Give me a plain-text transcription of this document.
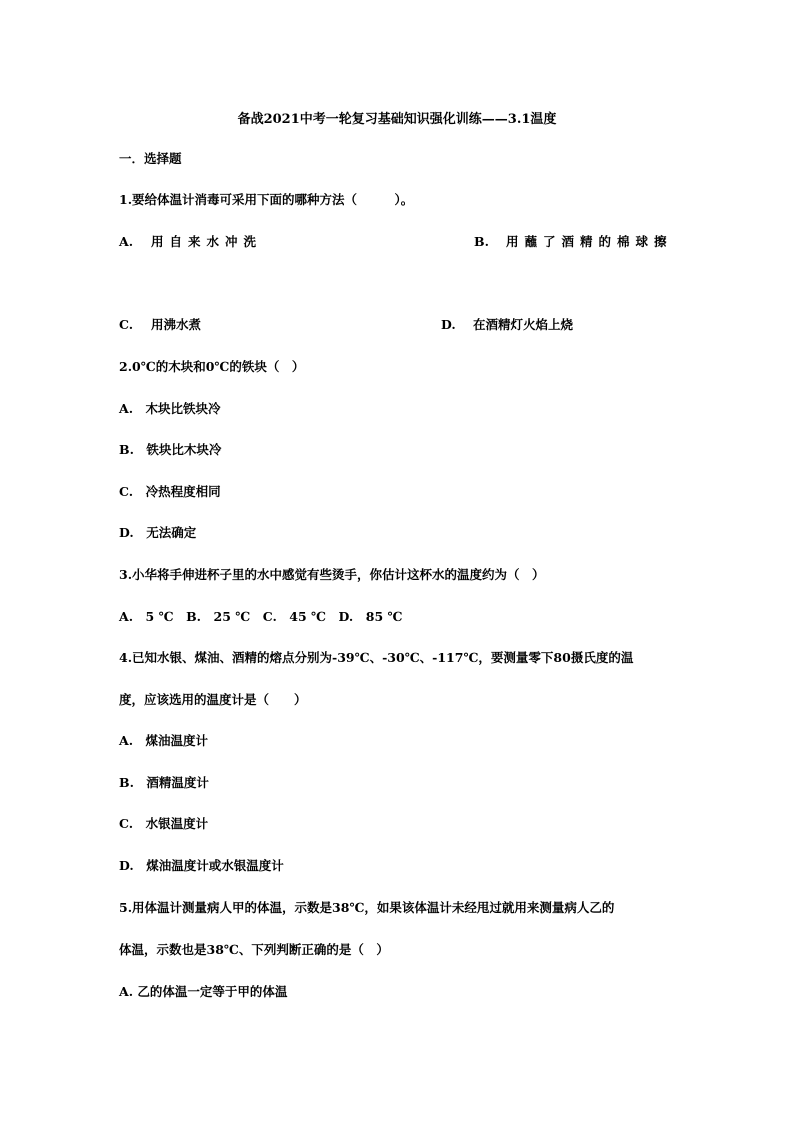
备战2021中考一轮复习基础知识强化训练——3.1温度
一．选择题
1.要给体温计消毒可采用下面的哪种方法（　　　）。
A. 用自来水冲洗	B. 用蘸了酒精的棉球擦
C. 用沸水煮	D. 在酒精灯火焰上烧
2.0℃的木块和0℃的铁块（　）
A.　木块比铁块冷
B.　铁块比木块冷
C.　冷热程度相同
D.　无法确定
3.小华将手伸进杯子里的水中感觉有些烫手，你估计这杯水的温度约为（　）
A.　5 ℃　B.　25 ℃　C.　45 ℃　D.　85 ℃
4.已知水银、煤油、酒精的熔点分别为-39℃、-30℃、-117℃，要测量零下80摄氏度的温
度，应该选用的温度计是（　　）
A.　煤油温度计
B.　酒精温度计
C.　水银温度计
D.　煤油温度计或水银温度计
5.用体温计测量病人甲的体温，示数是38℃，如果该体温计未经甩过就用来测量病人乙的
体温，示数也是38℃、下列判断正确的是（　）
A. 乙的体温一定等于甲的体温
